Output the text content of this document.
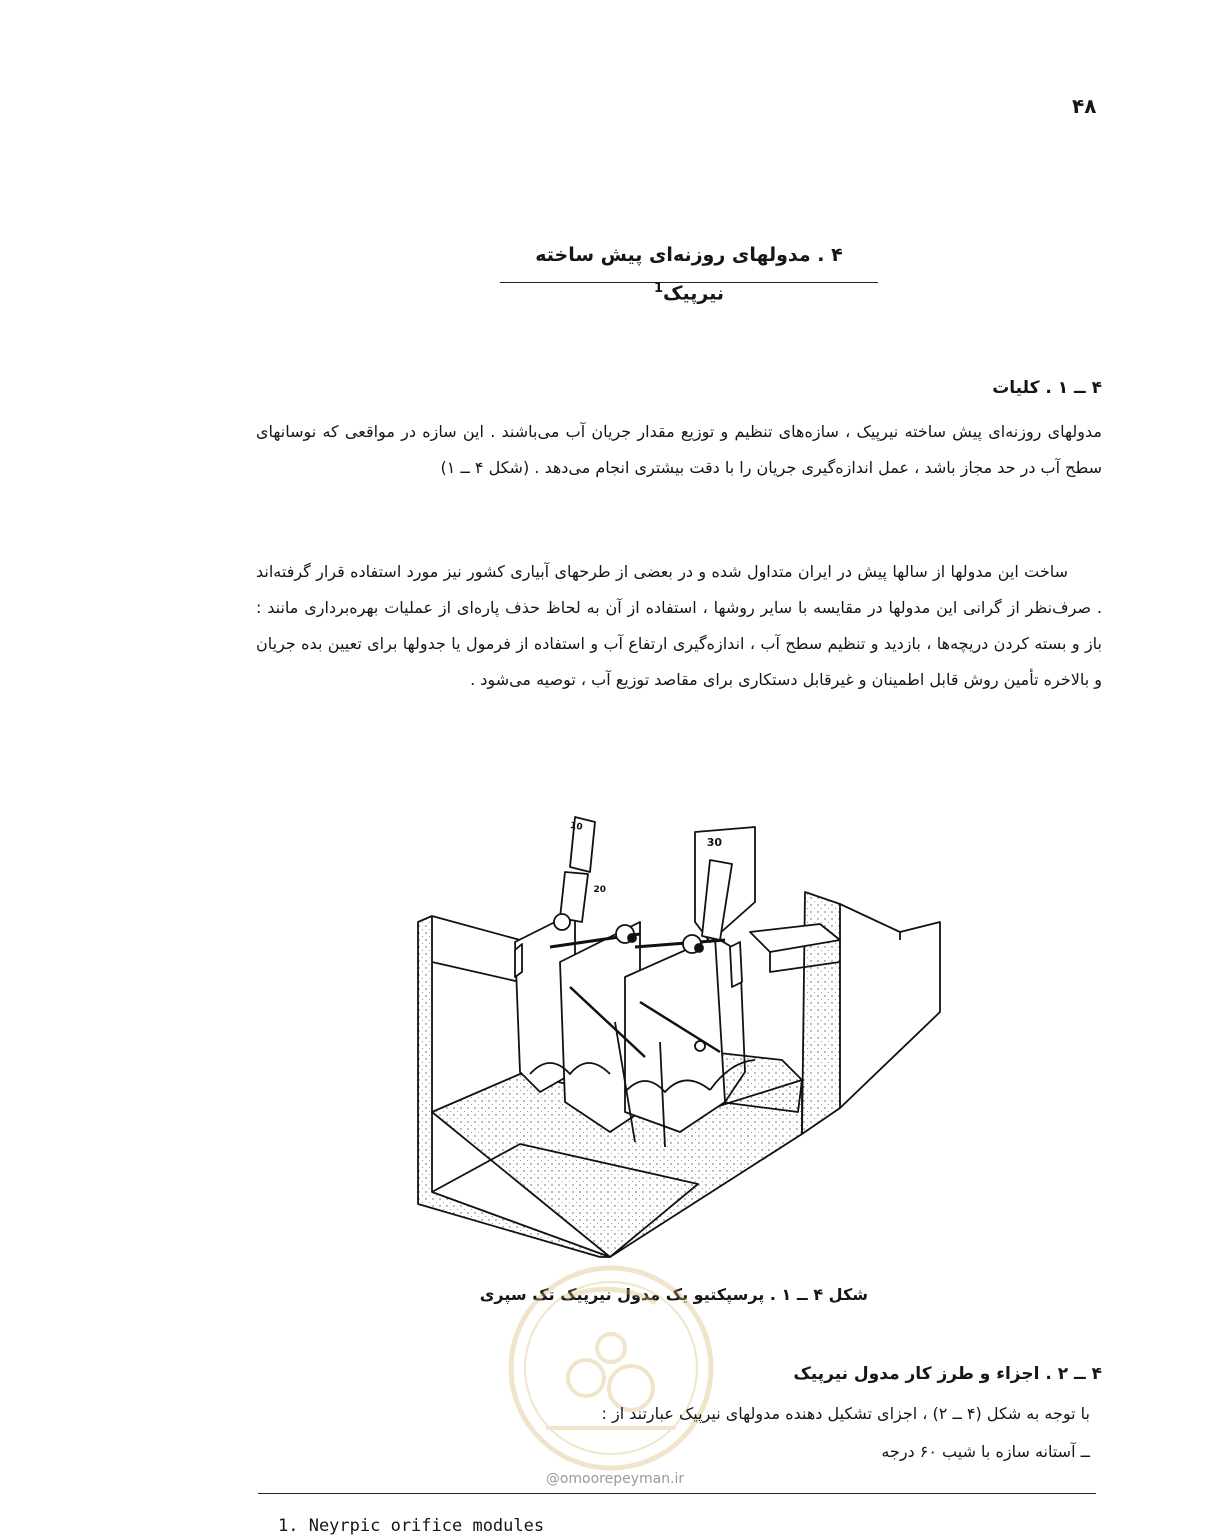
۴۸
۴ . مدولهای روزنه‌ای پیش ساخته نیرپیک$^1$
۴ ــ ۱ . کلیات

مدولهای روزنه‌ای پیش ساخته نیرپیک ، سازه‌های تنظیم و توزیع مقدار جریان آب می‌باشند . این سازه در مواقعی که نوسانهای سطح آب در حد مجاز باشد ، عمل اندازه‌گیری جریان را با دقت بیشتری انجام می‌دهد . (شکل ۴ ــ ۱)

ساخت این مدولها از سالها پیش در ایران متداول شده و در بعضی از طرحهای آبیاری کشور نیز مورد استفاده قرار گرفته‌اند . صرف‌نظر از گرانی این مدولها در مقایسه با سایر روشها ، استفاده از آن به لحاظ حذف پاره‌ای از عملیات بهره‌برداری مانند : باز و بسته کردن دریچه‌ها ، بازدید و تنظیم سطح آب ، اندازه‌گیری ارتفاع آب و استفاده از فرمول یا جدولها برای تعیین بده جریان و بالاخره تأمین روش قابل اطمینان و غیرقابل دستکاری برای مقاصد توزیع آب ، توصیه می‌شود .

10
20
30
شکل ۴ ــ ۱ . پرسپکتیو یک مدول نیرپیک تک سپری
@omoorepeyman.ir
۴ ــ ۲ . اجزاء و طرز کار مدول نیرپیک
با توجه به شکل (۴ ــ ۲) ، اجزای تشکیل دهنده مدولهای نیرپیک عبارتند از :
ــ آستانه سازه با شیب ۶۰ درجه
1. Neyrpic orifice modules
